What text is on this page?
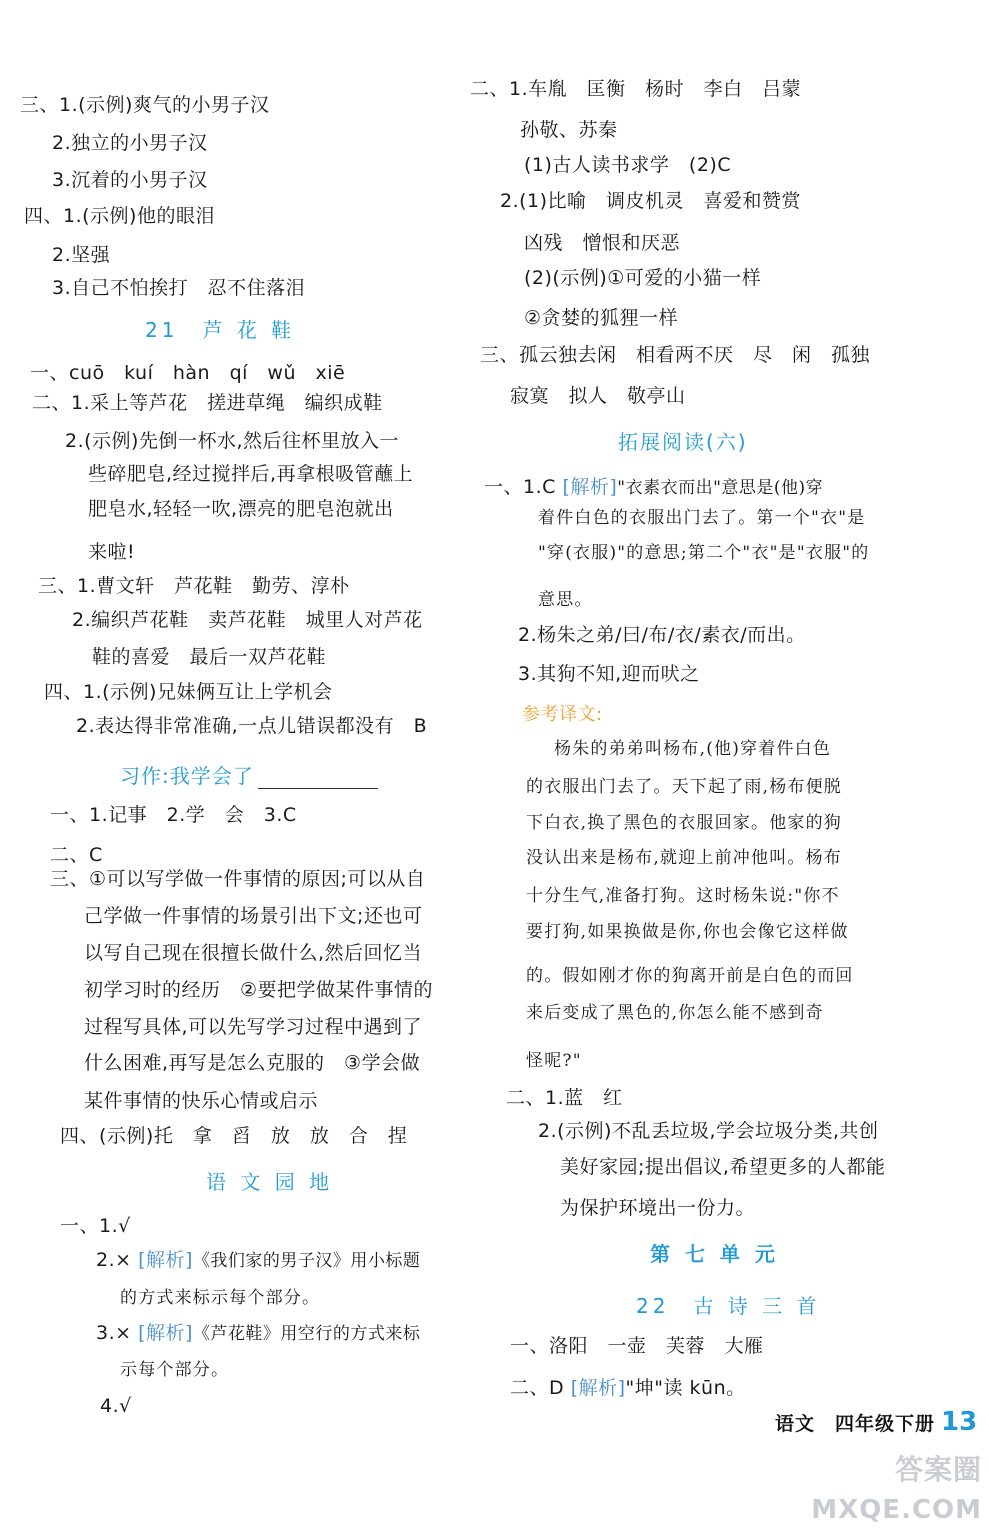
三、1.(示例)爽气的小男子汉
2.独立的小男子汉
3.沉着的小男子汉
四、1.(示例)他的眼泪
2.坚强
3.自己不怕挨打　忍不住落泪
21　芦 花 鞋
一、cuō　kuí　hàn　qí　wǔ　xiē
二、1.采上等芦花　搓进草绳　编织成鞋
2.(示例)先倒一杯水,然后往杯里放入一
些碎肥皂,经过搅拌后,再拿根吸管蘸上
肥皂水,轻轻一吹,漂亮的肥皂泡就出
来啦!
三、1.曹文轩　芦花鞋　勤劳、淳朴
2.编织芦花鞋　卖芦花鞋　城里人对芦花
鞋的喜爱　最后一双芦花鞋
四、1.(示例)兄妹俩互让上学机会
2.表达得非常准确,一点儿错误都没有　B
习作:我学会了
一、1.记事　2.学　会　3.C
二、C
三、①可以写学做一件事情的原因;可以从自
己学做一件事情的场景引出下文;还也可
以写自己现在很擅长做什么,然后回忆当
初学习时的经历　②要把学做某件事情的
过程写具体,可以先写学习过程中遇到了
什么困难,再写是怎么克服的　③学会做
某件事情的快乐心情或启示
四、(示例)托　拿　舀　放　放　合　捏
语 文 园 地
一、1.√
2.× [解析]《我们家的男子汉》用小标题
的方式来标示每个部分。
3.× [解析]《芦花鞋》用空行的方式来标
示每个部分。
4.√
二、1.车胤　匡衡　杨时　李白　吕蒙
孙敬、苏秦
(1)古人读书求学　(2)C
2.(1)比喻　调皮机灵　喜爱和赞赏
凶残　憎恨和厌恶
(2)(示例)①可爱的小猫一样
②贪婪的狐狸一样
三、孤云独去闲　相看两不厌　尽　闲　孤独
寂寞　拟人　敬亭山
拓展阅读(六)
一、1.C [解析]"衣素衣而出"意思是(他)穿
着件白色的衣服出门去了。第一个"衣"是
"穿(衣服)"的意思;第二个"衣"是"衣服"的
意思。
2.杨朱之弟/曰/布/衣/素衣/而出。
3.其狗不知,迎而吠之
参考译文:
杨朱的弟弟叫杨布,(他)穿着件白色
的衣服出门去了。天下起了雨,杨布便脱
下白衣,换了黑色的衣服回家。他家的狗
没认出来是杨布,就迎上前冲他叫。杨布
十分生气,准备打狗。这时杨朱说:"你不
要打狗,如果换做是你,你也会像它这样做
的。假如刚才你的狗离开前是白色的而回
来后变成了黑色的,你怎么能不感到奇
怪呢?"
二、1.蓝　红
2.(示例)不乱丢垃圾,学会垃圾分类,共创
美好家园;提出倡议,希望更多的人都能
为保护环境出一份力。
第 七 单 元
22　古 诗 三 首
一、洛阳　一壶　芙蓉　大雁
二、D [解析]"坤"读 kūn。
语文　四年级下册 13
答案圈
MXQE.COM
